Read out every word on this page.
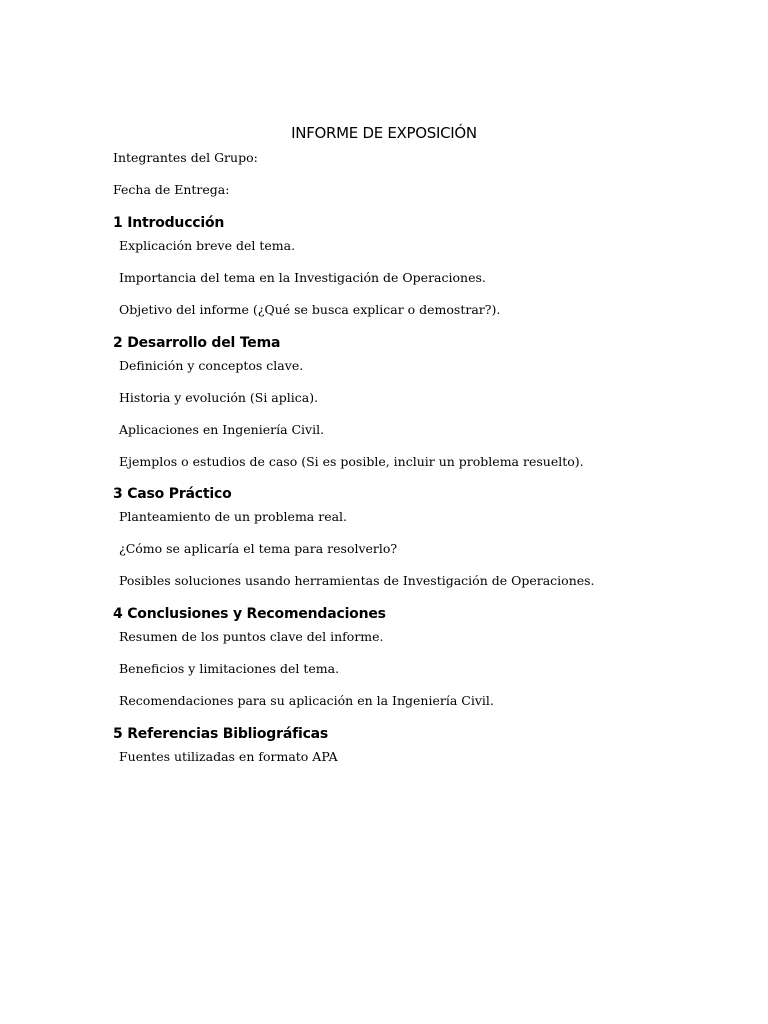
INFORME DE EXPOSICIÓN

Integrantes del Grupo:

Fecha de Entrega:

1 Introducción

Explicación breve del tema.

Importancia del tema en la Investigación de Operaciones.

Objetivo del informe (¿Qué se busca explicar o demostrar?).

2 Desarrollo del Tema

Definición y conceptos clave.

Historia y evolución (Si aplica).

Aplicaciones en Ingeniería Civil.

Ejemplos o estudios de caso (Si es posible, incluir un problema resuelto).

3 Caso Práctico

Planteamiento de un problema real.

¿Cómo se aplicaría el tema para resolverlo?

Posibles soluciones usando herramientas de Investigación de Operaciones.

4 Conclusiones y Recomendaciones

Resumen de los puntos clave del informe.

Beneficios y limitaciones del tema.

Recomendaciones para su aplicación en la Ingeniería Civil.

5 Referencias Bibliográficas

Fuentes utilizadas en formato APA
